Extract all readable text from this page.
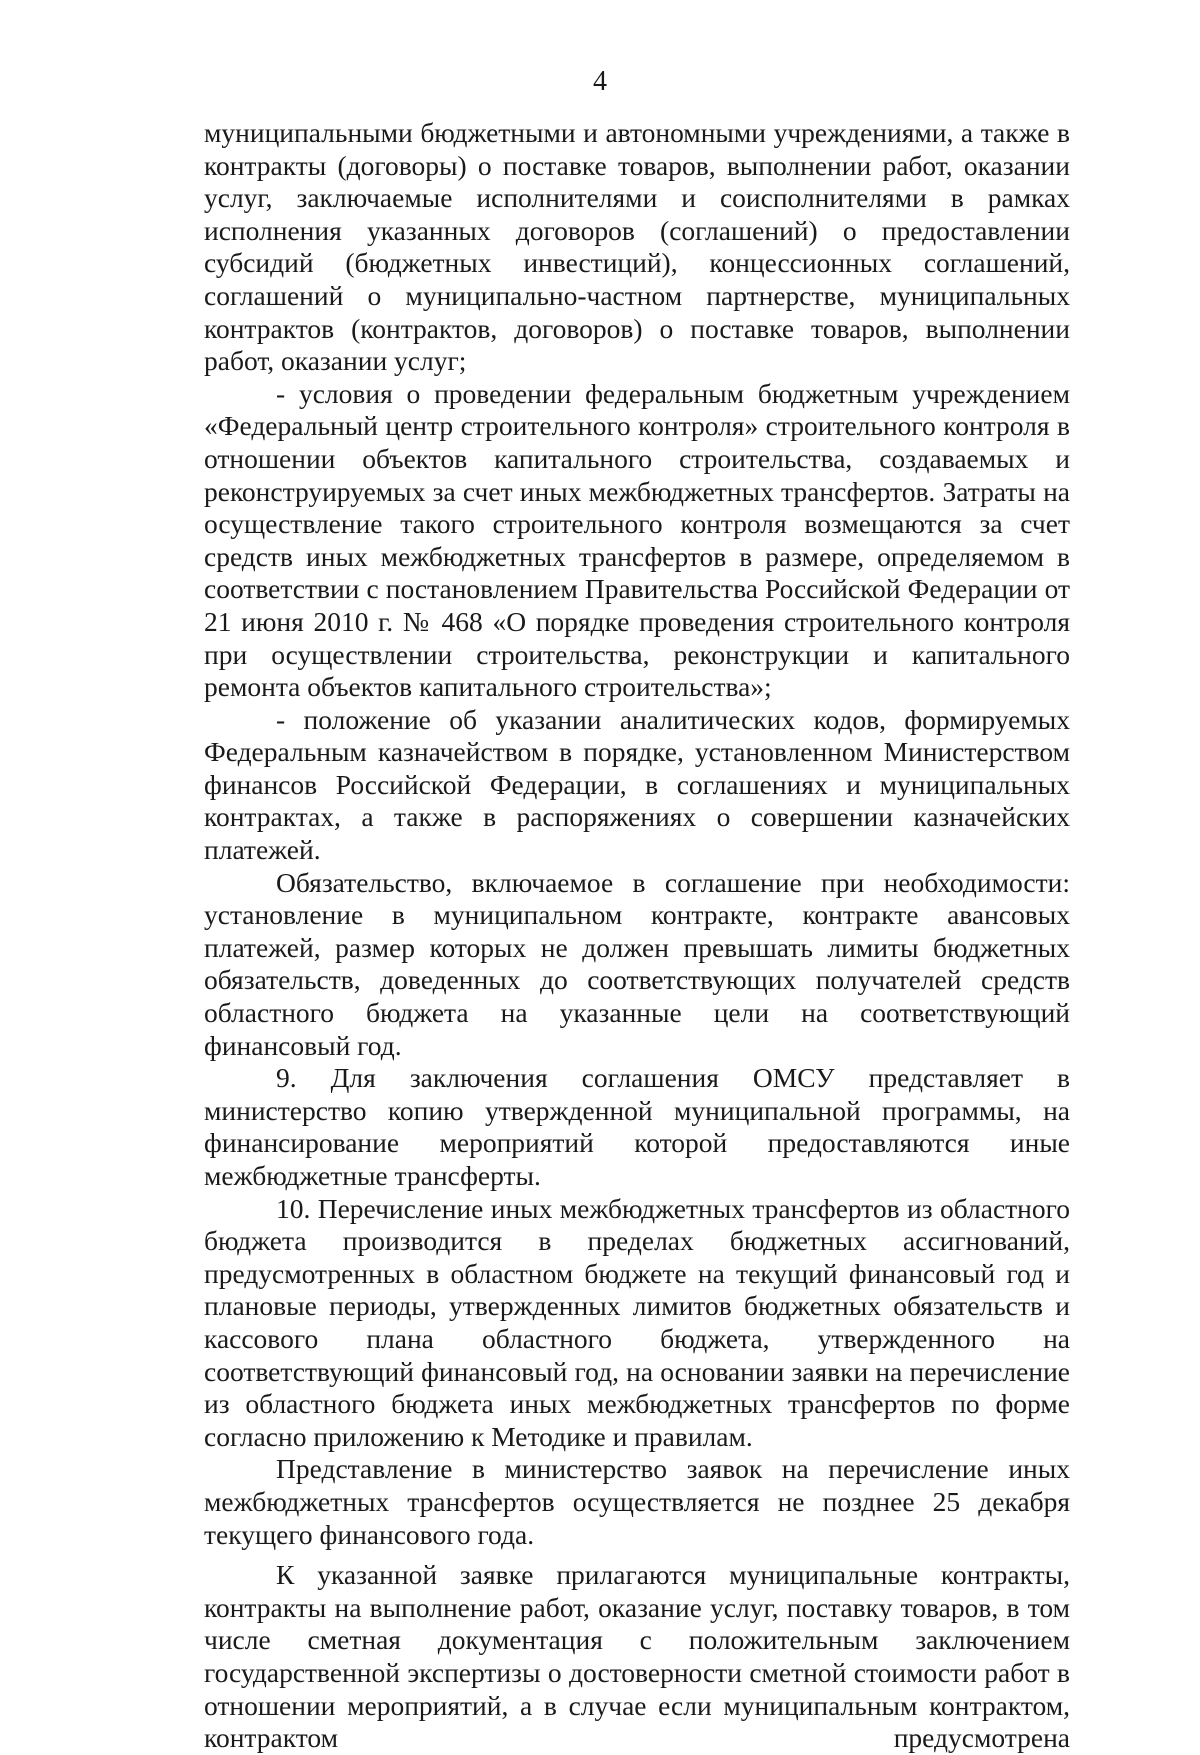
4

муниципальными бюджетными и автономными учреждениями, а также в контракты (договоры) о поставке товаров, выполнении работ, оказании услуг, заключаемые исполнителями и соисполнителями в рамках исполнения указанных договоров (соглашений) о предоставлении субсидий (бюджетных инвестиций), концессионных соглашений, соглашений о муниципально-частном партнерстве, муниципальных контрактов (контрактов, договоров) о поставке товаров, выполнении работ, оказании услуг;

- условия о проведении федеральным бюджетным учреждением «Федеральный центр строительного контроля» строительного контроля в отношении объектов капитального строительства, создаваемых и реконструируемых за счет иных межбюджетных трансфертов. Затраты на осуществление такого строительного контроля возмещаются за счет средств иных межбюджетных трансфертов в размере, определяемом в соответствии с постановлением Правительства Российской Федерации от 21 июня 2010 г. № 468 «О порядке проведения строительного контроля при осуществлении строительства, реконструкции и капитального ремонта объектов капитального строительства»;

- положение об указании аналитических кодов, формируемых Федеральным казначейством в порядке, установленном Министерством финансов Российской Федерации, в соглашениях и муниципальных контрактах, а также в распоряжениях о совершении казначейских платежей.

Обязательство, включаемое в соглашение при необходимости: установление в муниципальном контракте, контракте авансовых платежей, размер которых не должен превышать лимиты бюджетных обязательств, доведенных до соответствующих получателей средств областного бюджета на указанные цели на соответствующий финансовый год.

9. Для заключения соглашения ОМСУ представляет в министерство копию утвержденной муниципальной программы, на финансирование мероприятий которой предоставляются иные межбюджетные трансферты.

10. Перечисление иных межбюджетных трансфертов из областного бюджета производится в пределах бюджетных ассигнований, предусмотренных в областном бюджете на текущий финансовый год и плановые периоды, утвержденных лимитов бюджетных обязательств и кассового плана областного бюджета, утвержденного на соответствующий финансовый год, на основании заявки на перечисление из областного бюджета иных межбюджетных трансфертов по форме согласно приложению к Методике и правилам.

Представление в министерство заявок на перечисление иных межбюджетных трансфертов осуществляется не позднее 25 декабря текущего финансового года.

К указанной заявке прилагаются муниципальные контракты, контракты на выполнение работ, оказание услуг, поставку товаров, в том числе сметная документация с положительным заключением государственной экспертизы о достоверности сметной стоимости работ в отношении мероприятий, а в случае если муниципальным контрактом, контрактом предусмотрена
